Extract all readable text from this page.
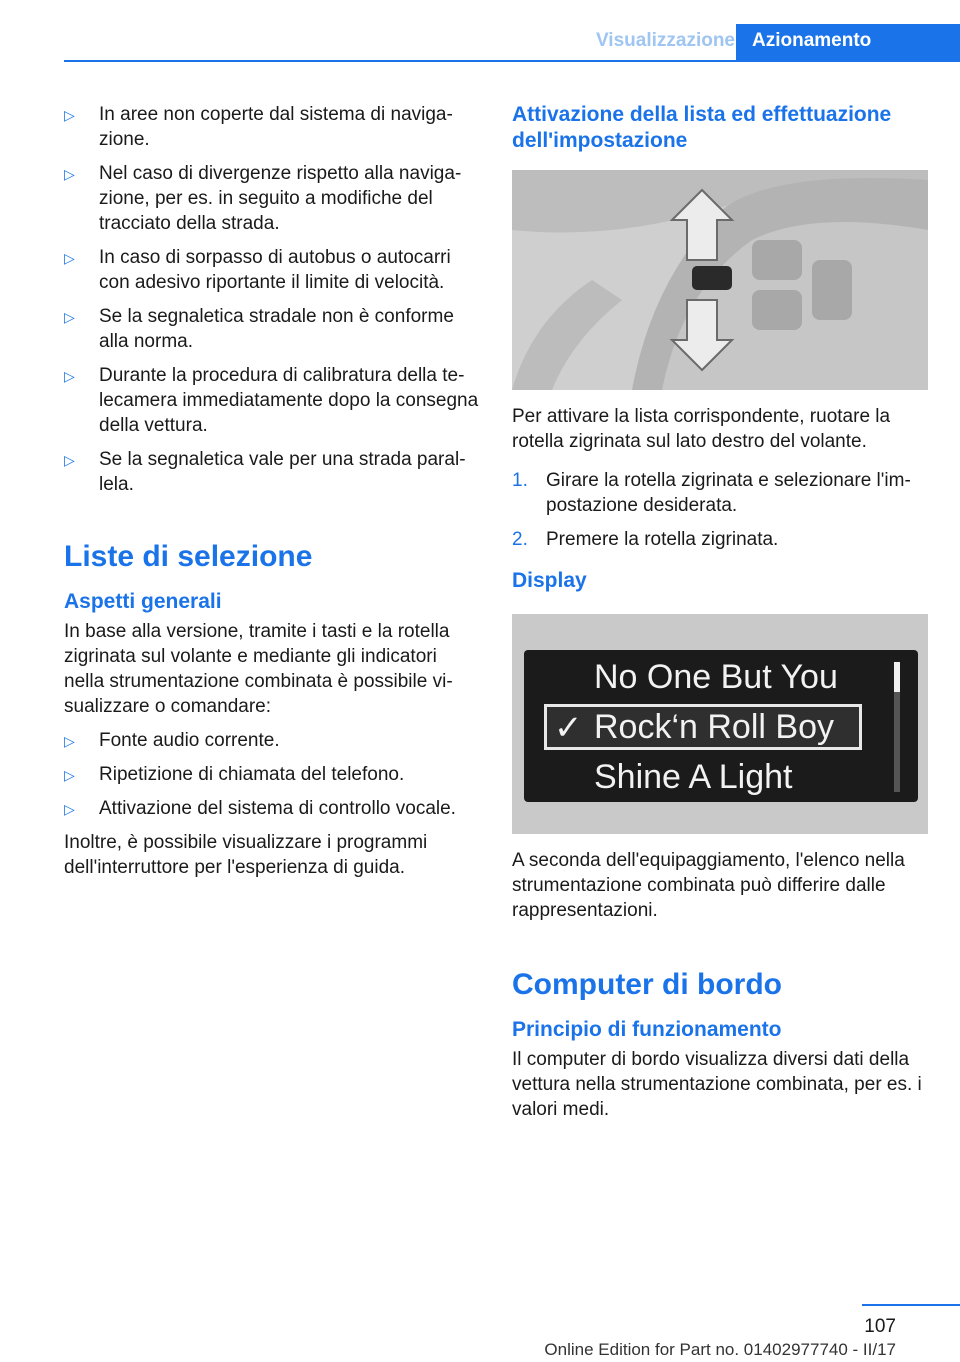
Visualizzazione Azionamento
▷ In aree non coperte dal sistema di navigazione.
▷ Nel caso di divergenze rispetto alla navigazione, per es. in seguito a modifiche del tracciato della strada.
▷ In caso di sorpasso di autobus o autocarri con adesivo riportante il limite di velocità.
▷ Se la segnaletica stradale non è conforme alla norma.
▷ Durante la procedura di calibratura della telecamera immediatamente dopo la consegna della vettura.
▷ Se la segnaletica vale per una strada parallela.
Liste di selezione
Aspetti generali

In base alla versione, tramite i tasti e la rotella zigrinata sul volante e mediante gli indicatori nella strumentazione combinata è possibile visualizzare o comandare:

▷ Fonte audio corrente.
▷ Ripetizione di chiamata del telefono.
▷ Attivazione del sistema di controllo vocale.

Inoltre, è possibile visualizzare i programmi dell'interruttore per l'esperienza di guida.

Attivazione della lista ed effettuazione dell'impostazione

Per attivare la lista corrispondente, ruotare la rotella zigrinata sul lato destro del volante.

1. Girare la rotella zigrinata e selezionare l'impostazione desiderata.
2. Premere la rotella zigrinata.
Display
No One But You
✓ Rock‘n Roll Boy
Shine A Light

A seconda dell'equipaggiamento, l'elenco nella strumentazione combinata può differire dalle rappresentazioni.

Computer di bordo
Principio di funzionamento

Il computer di bordo visualizza diversi dati della vettura nella strumentazione combinata, per es. i valori medi.

107
Online Edition for Part no. 01402977740 - II/17
